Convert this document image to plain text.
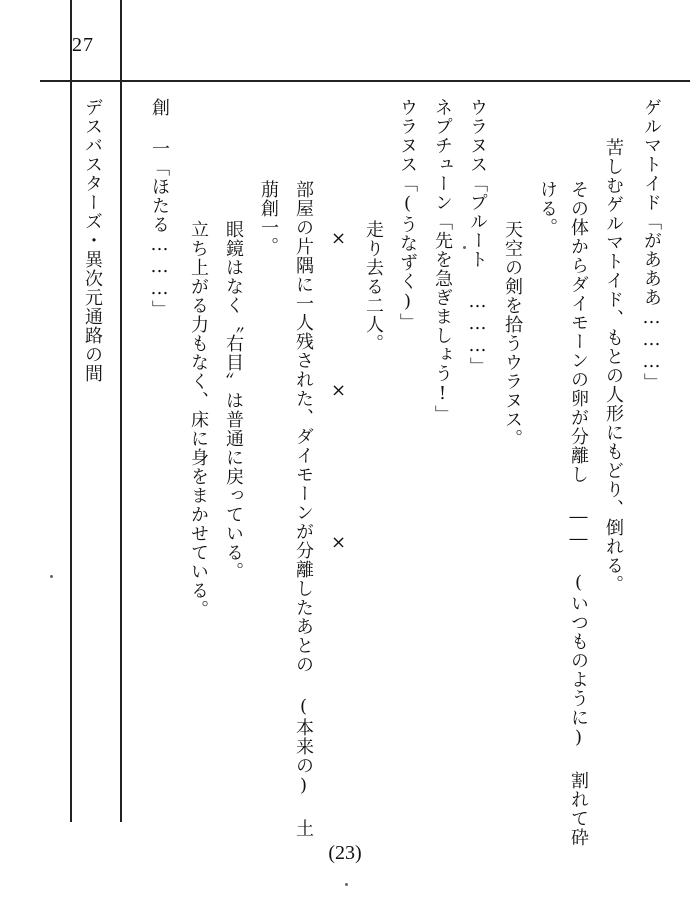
27
デスバスターズ・異次元通路の間	ゲルマトイド「があああ………」
苦しむゲルマトイド、もとの人形にもどり、倒れる。
その体からダイモーンの卵が分離し ―― (いつものように) 割れて砕
ける。
天空の剣を拾うウラヌス。
ウラヌス「プルート ………」
ネプチューン「先を急ぎましょう!」
ウラヌス「(うなずく)」
走り去る二人。
×
×
×
部屋の片隅に一人残された、ダイモーンが分離したあとの (本来の) 土
萠創一。
眼鏡はなく〝右目〟は普通に戻っている。
立ち上がる力もなく、床に身をまかせている。
創 一「ほたる………」
(23)
